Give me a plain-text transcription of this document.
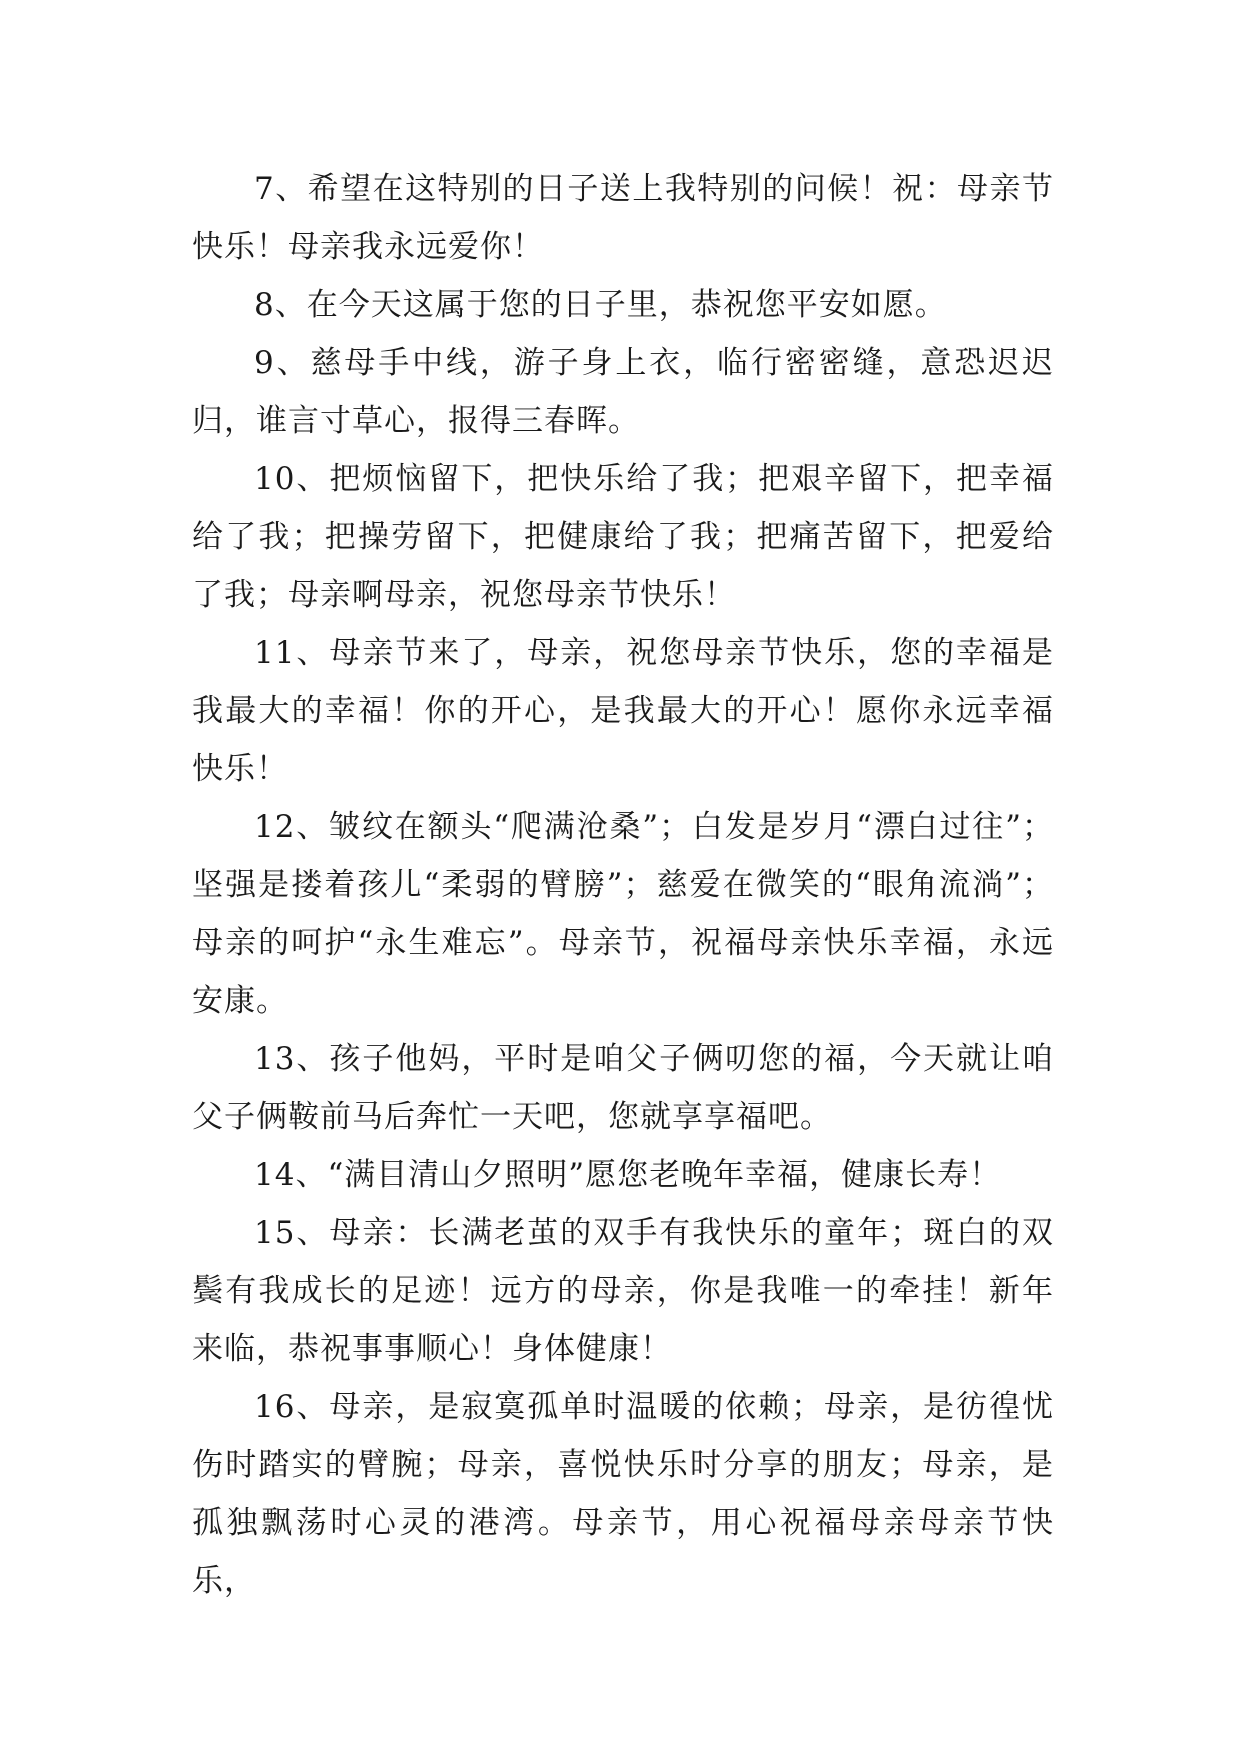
7、希望在这特别的日子送上我特别的问候！祝：母亲节快乐！母亲我永远爱你！

8、在今天这属于您的日子里，恭祝您平安如愿。

9、慈母手中线，游子身上衣，临行密密缝，意恐迟迟归，谁言寸草心，报得三春晖。

10、把烦恼留下，把快乐给了我；把艰辛留下，把幸福给了我；把操劳留下，把健康给了我；把痛苦留下，把爱给了我；母亲啊母亲，祝您母亲节快乐！

11、母亲节来了，母亲，祝您母亲节快乐，您的幸福是我最大的幸福！你的开心，是我最大的开心！愿你永远幸福快乐！

12、皱纹在额头“爬满沧桑”；白发是岁月“漂白过往”；坚强是搂着孩儿“柔弱的臂膀”；慈爱在微笑的“眼角流淌”；母亲的呵护“永生难忘”。母亲节，祝福母亲快乐幸福，永远安康。

13、孩子他妈，平时是咱父子俩叨您的福，今天就让咱父子俩鞍前马后奔忙一天吧，您就享享福吧。

14、“满目清山夕照明”愿您老晚年幸福，健康长寿！

15、母亲：长满老茧的双手有我快乐的童年；斑白的双鬓有我成长的足迹！远方的母亲，你是我唯一的牵挂！新年来临，恭祝事事顺心！身体健康！

16、母亲，是寂寞孤单时温暖的依赖；母亲，是彷徨忧伤时踏实的臂腕；母亲，喜悦快乐时分享的朋友；母亲，是孤独飘荡时心灵的港湾。母亲节，用心祝福母亲母亲节快乐，
